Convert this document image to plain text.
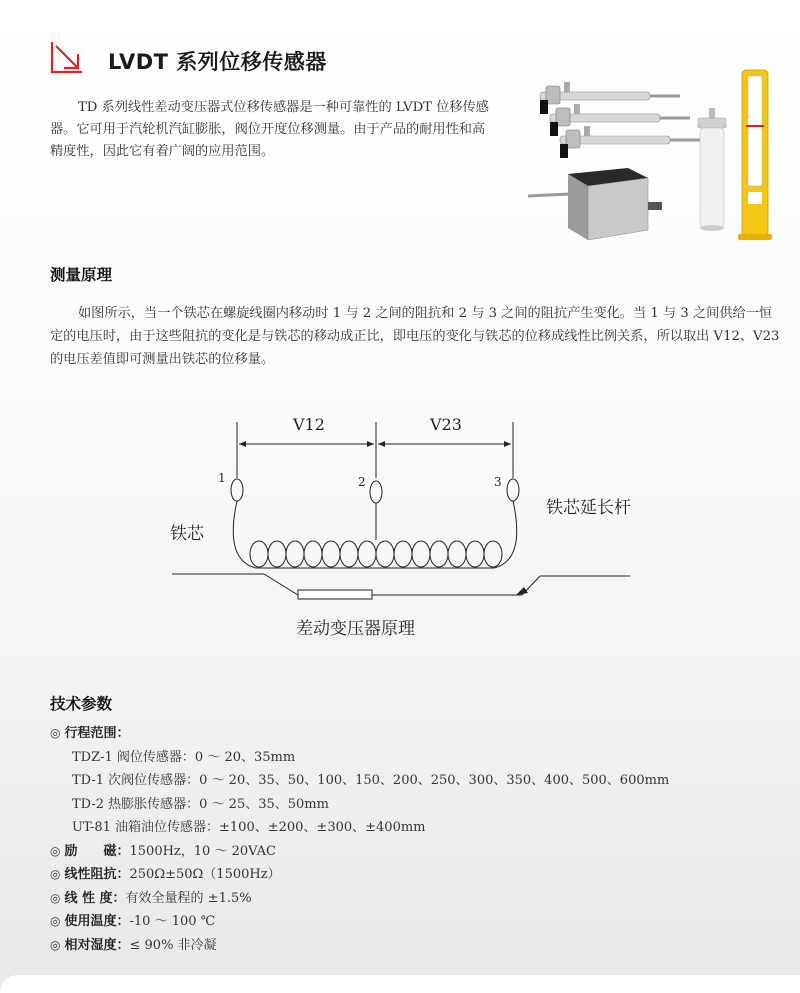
LVDT 系列位移传感器

TD 系列线性差动变压器式位移传感器是一种可靠性的 LVDT 位移传感器。它可用于汽轮机汽缸膨胀，阀位开度位移测量。由于产品的耐用性和高精度性，因此它有着广阔的应用范围。

测量原理

如图所示，当一个铁芯在螺旋线圈内移动时 1 与 2 之间的阻抗和 2 与 3 之间的阻抗产生变化。当 1 与 3 之间供给一恒定的电压时，由于这些阻抗的变化是与铁芯的移动成正比，即电压的变化与铁芯的位移成线性比例关系，所以取出 V12、V23 的电压差值即可测量出铁芯的位移量。

V12	V23
1	2	3
铁芯
铁芯延长杆
差动变压器原理
技术参数
◎ 行程范围：
TDZ-1 阀位传感器：0 ～ 20、35mm
TD-1 次阀位传感器：0 ～ 20、35、50、100、150、200、250、300、350、400、500、600mm
TD-2 热膨胀传感器：0 ～ 25、35、50mm
UT-81 油箱油位传感器：±100、±200、±300、±400mm
◎ 励　　磁：1500Hz，10 ～ 20VAC
◎ 线性阻抗：250Ω±50Ω（1500Hz）
◎ 线 性 度：有效全量程的 ±1.5%
◎ 使用温度：-10 ～ 100 ℃
◎ 相对湿度：≤ 90% 非冷凝
